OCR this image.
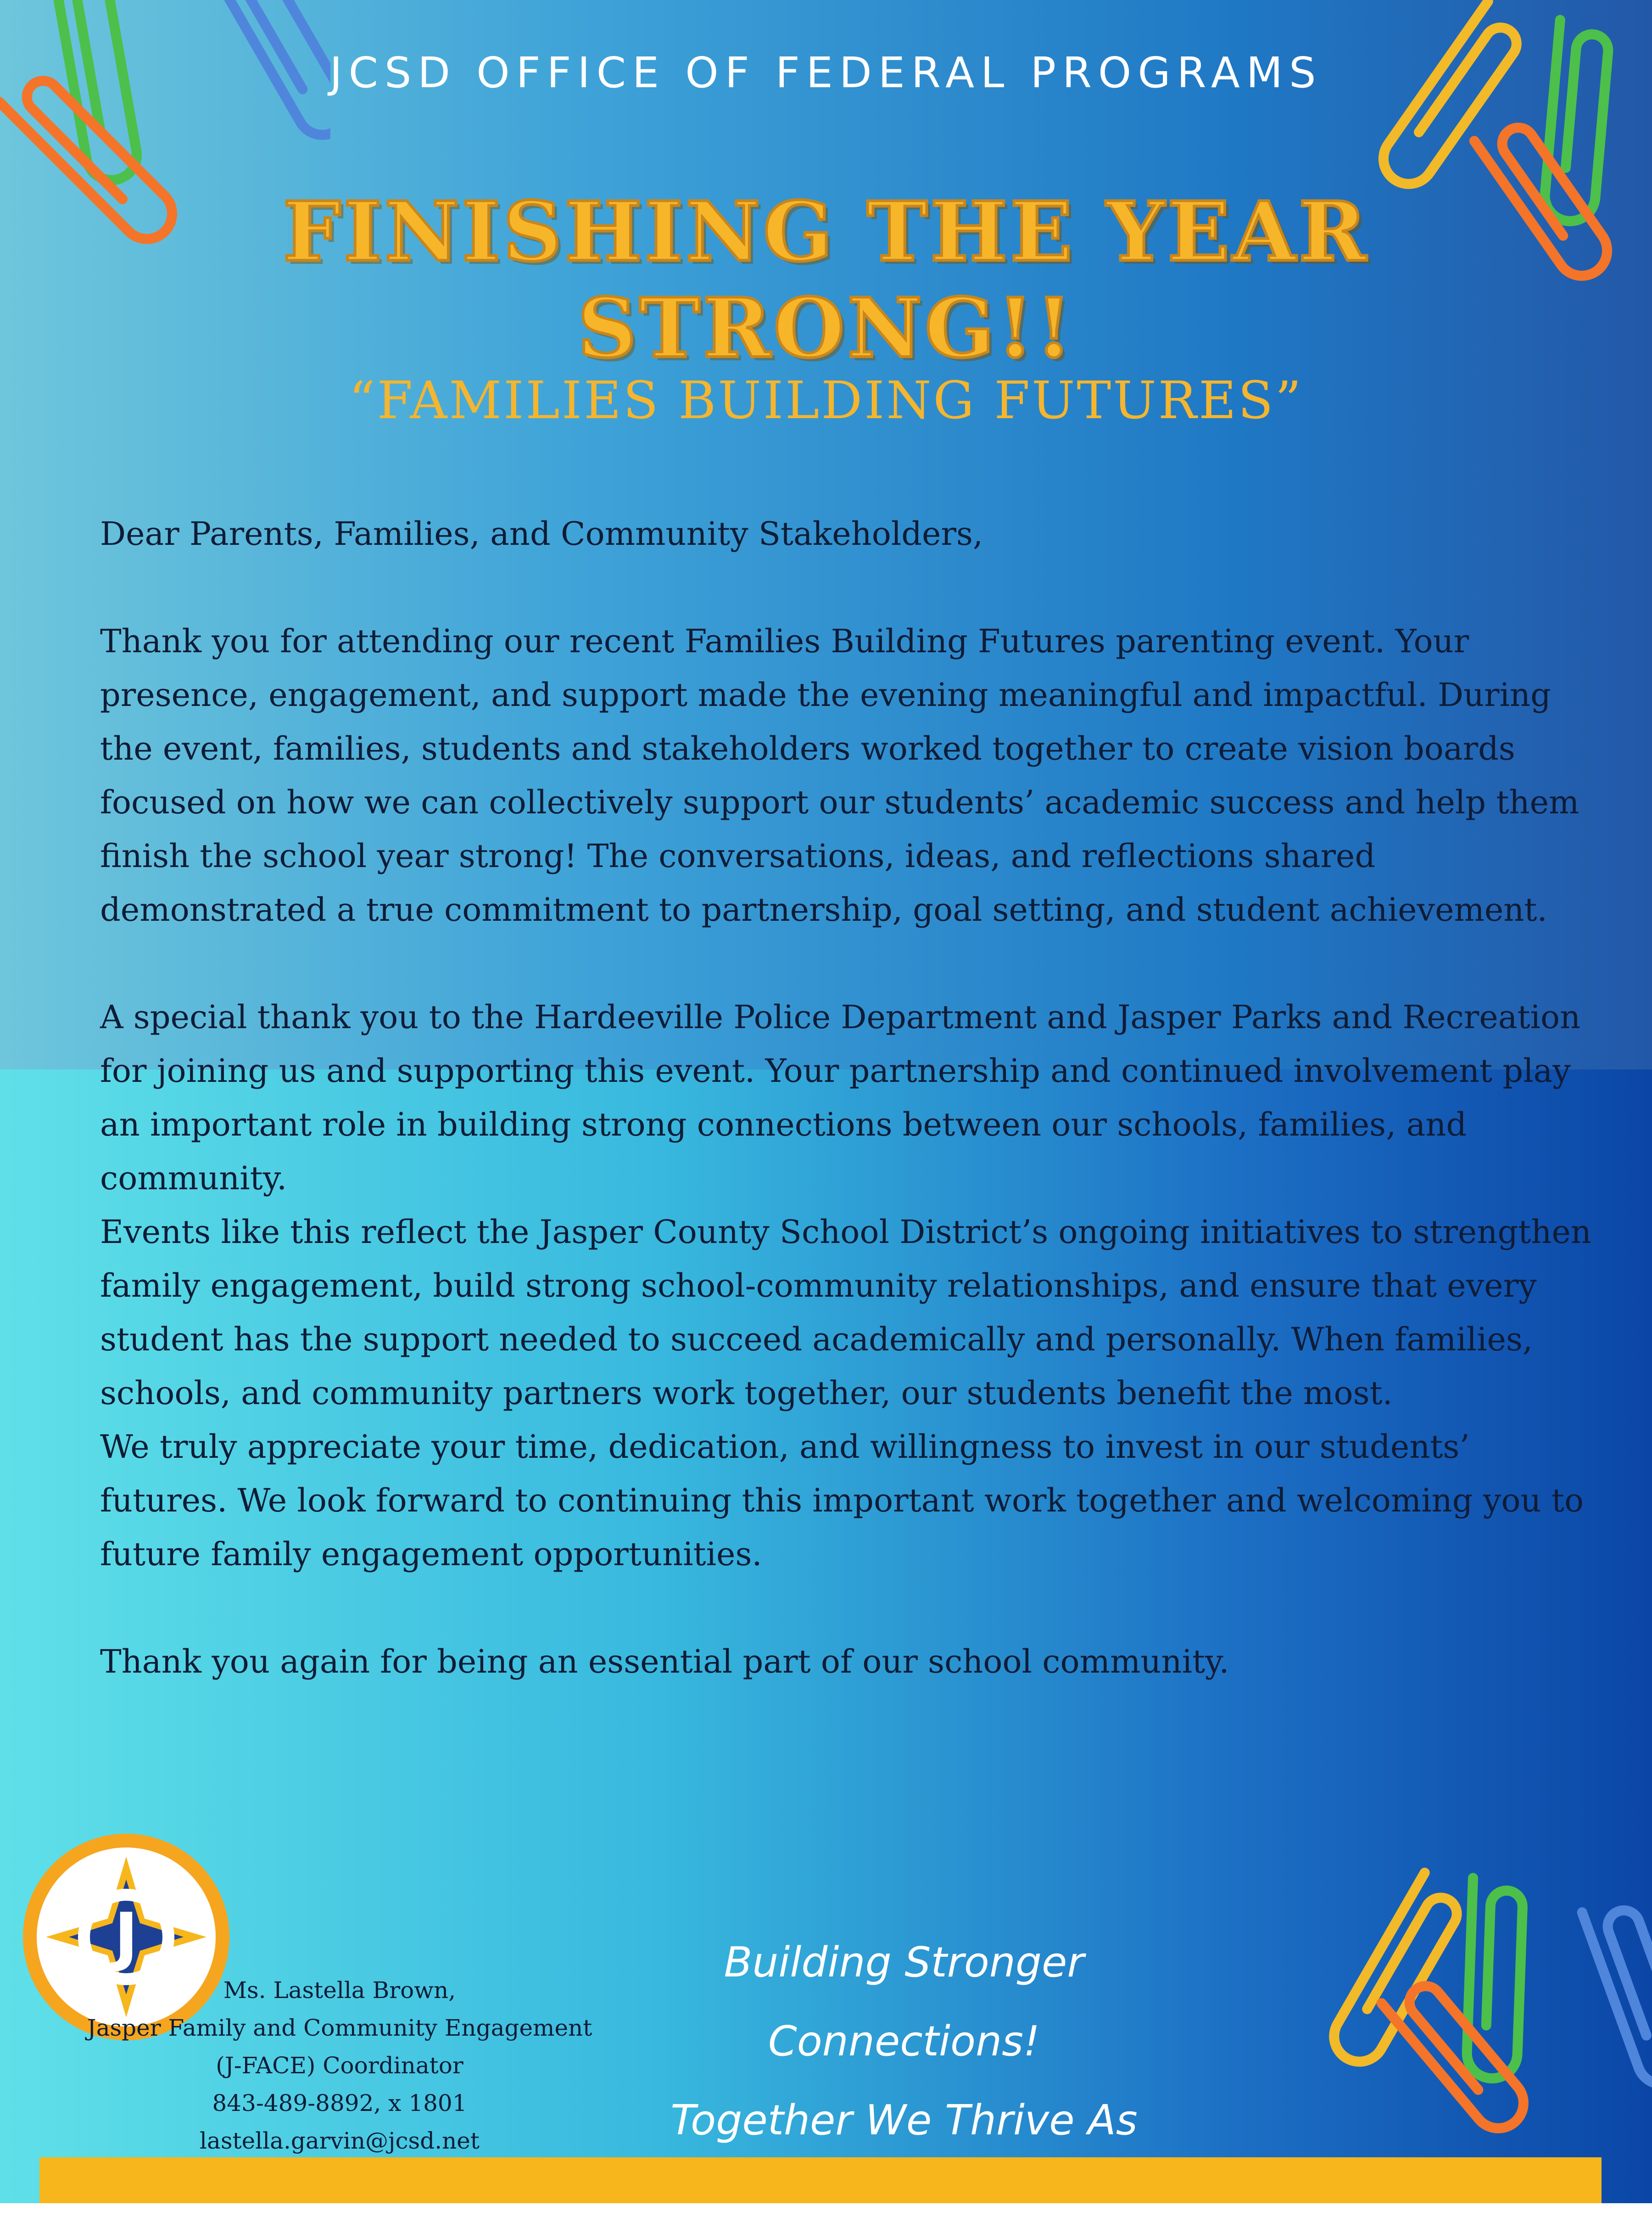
JCSD OFFICE OF FEDERAL PROGRAMS
FINISHING THE YEAR
STRONG!!
“FAMILIES BUILDING FUTURES”

Dear Parents, Families, and Community Stakeholders,

Thank you for attending our recent Families Building Futures parenting event. Your presence, engagement, and support made the evening meaningful and impactful. During the event, families, students and stakeholders worked together to create vision boards focused on how we can collectively support our students’ academic success and help them finish the school year strong! The conversations, ideas, and reflections shared demonstrated a true commitment to partnership, goal setting, and student achievement.

A special thank you to the Hardeeville Police Department and Jasper Parks and Recreation for joining us and supporting this event. Your partnership and continued involvement play an important role in building strong connections between our schools, families, and community.

Events like this reflect the Jasper County School District’s ongoing initiatives to strengthen family engagement, build strong school-community relationships, and ensure that every student has the support needed to succeed academically and personally. When families, schools, and community partners work together, our students benefit the most.

We truly appreciate your time, dedication, and willingness to invest in our students’ futures. We look forward to continuing this important work together and welcoming you to future family engagement opportunities.

Thank you again for being an essential part of our school community.

J
Ms. Lastella Brown,
Jasper Family and Community Engagement
(J-FACE) Coordinator
843-489-8892, x 1801
lastella.garvin@jcsd.net
Building Stronger Connections!
Together We Thrive As
